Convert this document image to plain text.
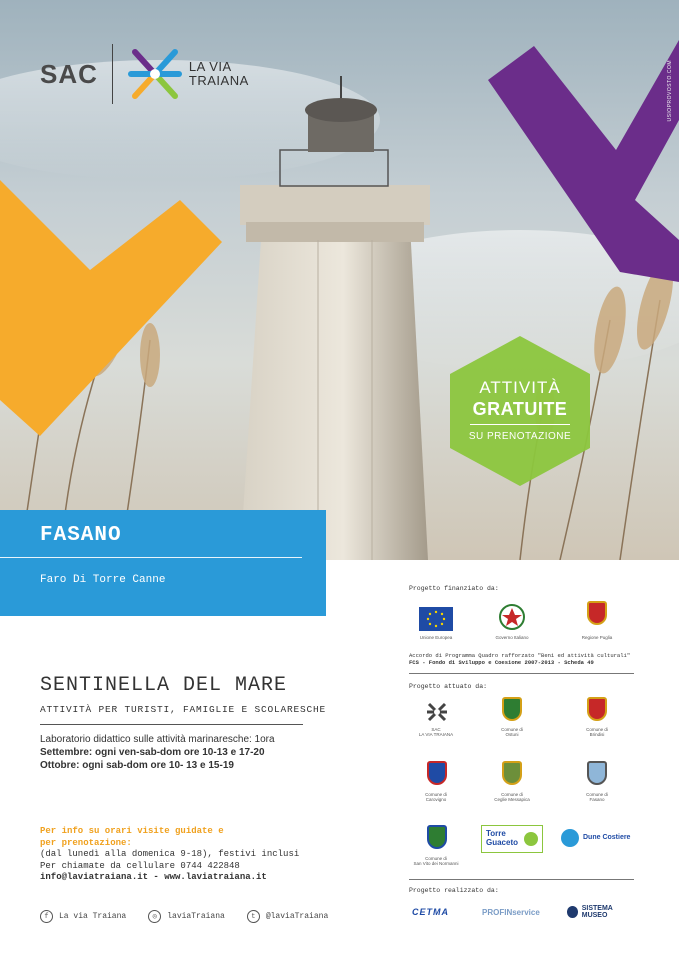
USIOPROVOSTO.COM
SAC	LA VIA
TRAIANA
ATTIVITÀ
GRATUITE
SU PRENOTAZIONE
FASANO
Faro Di Torre Canne
SENTINELLA DEL MARE
ATTIVITÀ PER TURISTI, FAMIGLIE E SCOLARESCHE
Laboratorio didattico sulle attività marinaresche: 1ora
Settembre: ogni ven-sab-dom ore 10-13 e 17-20
Ottobre: ogni sab-dom ore 10- 13 e 15-19
Per info su orari visite guidate e
per prenotazione:
(dal lunedì alla domenica 9-18), festivi inclusi
Per chiamate da cellulare 0744 422848
info@laviatraiana.it - www.laviatraiana.it
f	La via Traiana	◎	laviaTraiana	t	@laviaTraiana
Progetto finanziato da:
Unione Europea	Governo Italiano	Regione Puglia
Accordo di Programma Quadro rafforzato "Beni ed attività culturali"
FCS - Fondo di Sviluppo e Coesione 2007-2013 - Scheda 49
Progetto attuato da:
SAC
LA VIA TRAIANA
Comune di
Ostuni
Comune di
Brindisi
Comune di
Carovigno
Comune di
Ceglie Messapica
Comune di
Fasano
Comune di
San Vito dei Normanni
Torre
Guaceto
Dune Costiere
Progetto realizzato da:
CETMA	PROFINservice	SISTEMA MUSEO
